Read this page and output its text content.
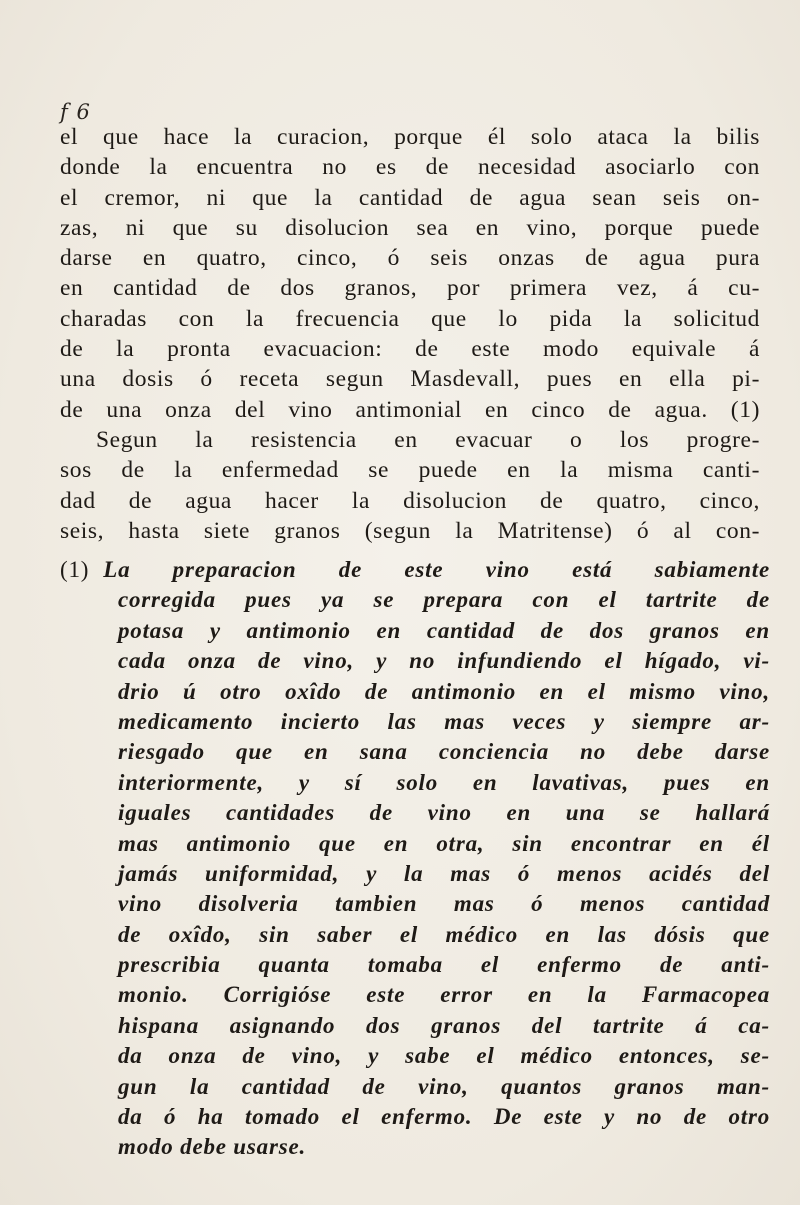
f 6
el que hace la curacion, porque él solo ataca la bilis
donde la encuentra no es de necesidad asociarlo con
el cremor, ni que la cantidad de agua sean seis on-
zas, ni que su disolucion sea en vino, porque puede
darse en quatro, cinco, ó seis onzas de agua pura
en cantidad de dos granos, por primera vez, á cu-
charadas con la frecuencia que lo pida la solicitud
de la pronta evacuacion: de este modo equivale á
una dosis ó receta segun Masdevall, pues en ella pi-
de una onza del vino antimonial en cinco de agua. (1)
Segun la resistencia en evacuar o los progre-
sos de la enfermedad se puede en la misma canti-
dad de agua hacer la disolucion de quatro, cinco,
seis, hasta siete granos (segun la Matritense) ó al con-
(1) La preparacion de este vino está sabiamente
corregida pues ya se prepara con el tartrite de
potasa y antimonio en cantidad de dos granos en
cada onza de vino, y no infundiendo el hígado, vi-
drio ú otro oxîdo de antimonio en el mismo vino,
medicamento incierto las mas veces y siempre ar-
riesgado que en sana conciencia no debe darse
interiormente, y sí solo en lavativas, pues en
iguales cantidades de vino en una se hallará
mas antimonio que en otra, sin encontrar en él
jamás uniformidad, y la mas ó menos acidés del
vino disolveria tambien mas ó menos cantidad
de oxîdo, sin saber el médico en las dósis que
prescribia quanta tomaba el enfermo de anti-
monio. Corrigióse este error en la Farmacopea
hispana asignando dos granos del tartrite á ca-
da onza de vino, y sabe el médico entonces, se-
gun la cantidad de vino, quantos granos man-
da ó ha tomado el enfermo. De este y no de otro
modo debe usarse.
